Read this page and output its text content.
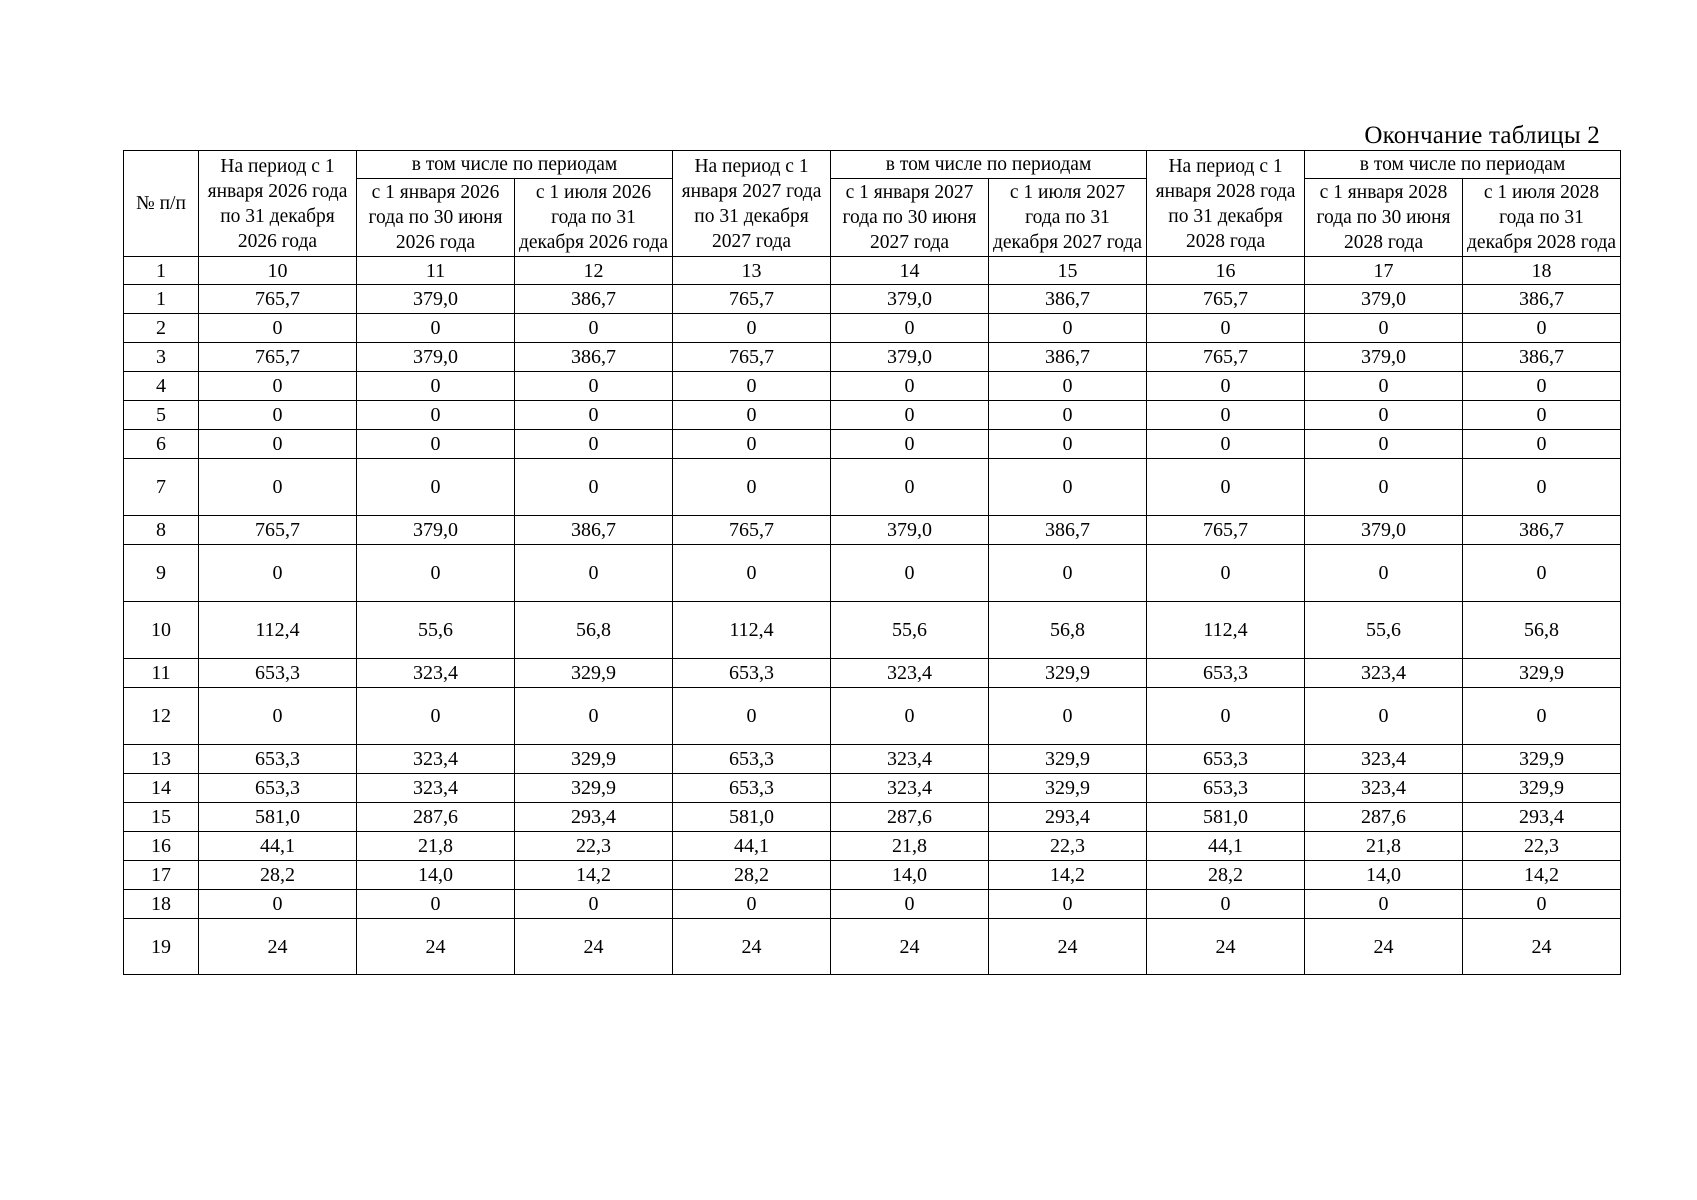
Окончание таблицы 2
№ п/п	На период с 1 января 2026 года по 31 декабря 2026 года	в том числе по периодам		На период с 1 января 2027 года по 31 декабря 2027 года	в том числе по периодам		На период с 1 января 2028 года по 31 декабря 2028 года	в том числе по периодам	
		с 1 января 2026 года по 30 июня 2026 года	с 1 июля 2026 года по 31 декабря 2026 года		с 1 января 2027 года по 30 июня 2027 года	с 1 июля 2027 года по 31 декабря 2027 года		с 1 января 2028 года по 30 июня 2028 года	с 1 июля 2028 года по 31 декабря 2028 года
1	10	11	12	13	14	15	16	17	18
1	765,7	379,0	386,7	765,7	379,0	386,7	765,7	379,0	386,7
2	0	0	0	0	0	0	0	0	0
3	765,7	379,0	386,7	765,7	379,0	386,7	765,7	379,0	386,7
4	0	0	0	0	0	0	0	0	0
5	0	0	0	0	0	0	0	0	0
6	0	0	0	0	0	0	0	0	0
7	0	0	0	0	0	0	0	0	0
8	765,7	379,0	386,7	765,7	379,0	386,7	765,7	379,0	386,7
9	0	0	0	0	0	0	0	0	0
10	112,4	55,6	56,8	112,4	55,6	56,8	112,4	55,6	56,8
11	653,3	323,4	329,9	653,3	323,4	329,9	653,3	323,4	329,9
12	0	0	0	0	0	0	0	0	0
13	653,3	323,4	329,9	653,3	323,4	329,9	653,3	323,4	329,9
14	653,3	323,4	329,9	653,3	323,4	329,9	653,3	323,4	329,9
15	581,0	287,6	293,4	581,0	287,6	293,4	581,0	287,6	293,4
16	44,1	21,8	22,3	44,1	21,8	22,3	44,1	21,8	22,3
17	28,2	14,0	14,2	28,2	14,0	14,2	28,2	14,0	14,2
18	0	0	0	0	0	0	0	0	0
19	24	24	24	24	24	24	24	24	24
